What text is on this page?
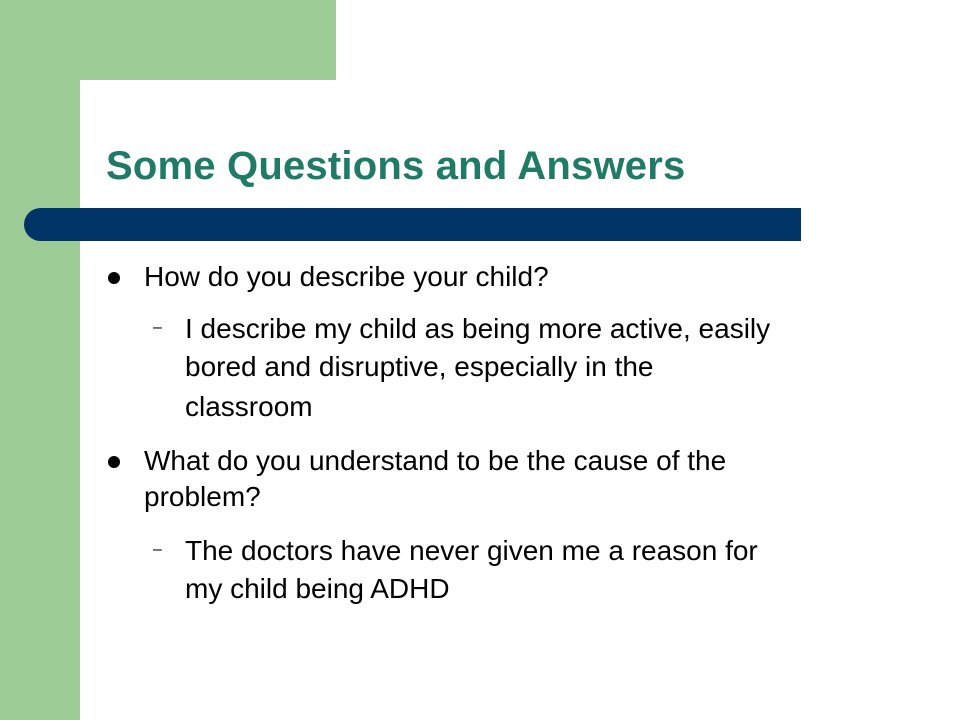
Some Questions and Answers
How do you describe your child?
– I describe my child as being more active, easily
bored and disruptive, especially in the
classroom
What do you understand to be the cause of the
problem?
– The doctors have never given me a reason for
my child being ADHD
